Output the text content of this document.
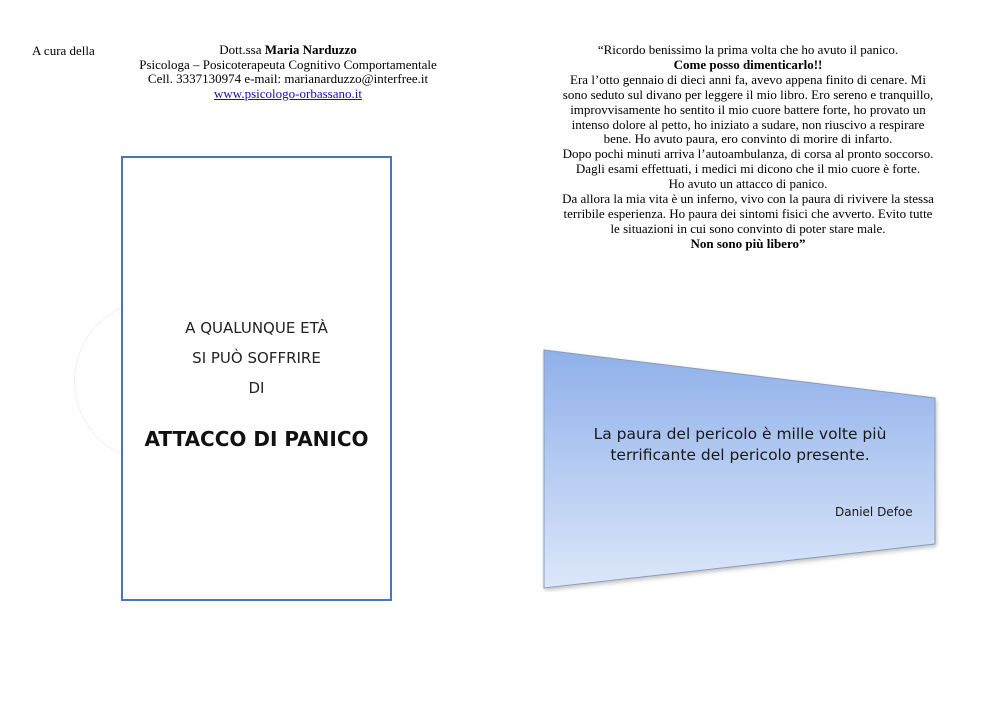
A cura della	Dott.ssa Maria Narduzzo
Psicologa – Posicoterapeuta Cognitivo Comportamentale
Cell. 3337130974 e-mail: marianarduzzo@interfree.it
www.psicologo-orbassano.it
“Ricordo benissimo la prima volta che ho avuto il panico.
Come posso dimenticarlo!!
Era l’otto gennaio di dieci anni fa, avevo appena finito di cenare. Mi
sono seduto sul divano per leggere il mio libro. Ero sereno e tranquillo,
improvvisamente ho sentito il mio cuore battere forte, ho provato un
intenso dolore al petto, ho iniziato a sudare, non riuscivo a respirare
bene. Ho avuto paura, ero convinto di morire di infarto.
Dopo pochi minuti arriva l’autoambulanza, di corsa al pronto soccorso.
Dagli esami effettuati, i medici mi dicono che il mio cuore è forte.
Ho avuto un attacco di panico.
Da allora la mia vita è un inferno, vivo con la paura di rivivere la stessa
terribile esperienza. Ho paura dei sintomi fisici che avverto. Evito tutte
le situazioni in cui sono convinto di poter stare male.
Non sono più libero”
A QUALUNQUE ETÀ
SI PUÒ SOFFRIRE
DI
ATTACCO DI PANICO	La paura del pericolo è mille volte più
terrificante del pericolo presente.
Daniel Defoe
